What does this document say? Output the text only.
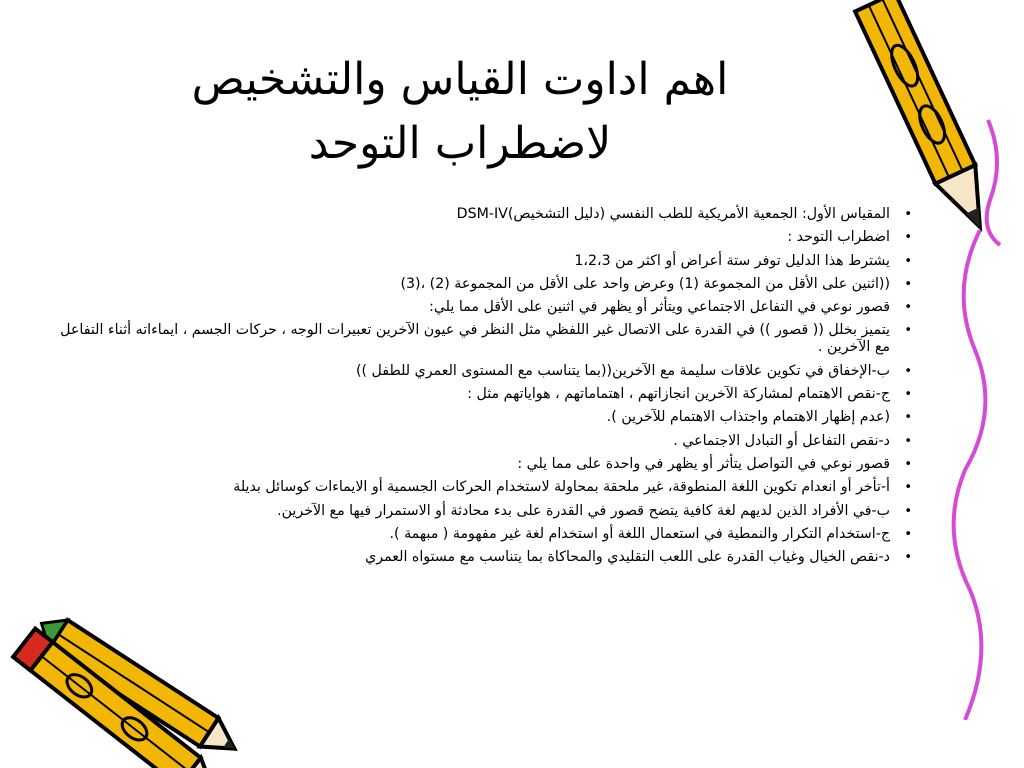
اهم اداوت القياس والتشخيص
لاضطراب التوحد
• المقياس الأول: الجمعية الأمريكية للطب النفسي (دليل التشخيص)DSM-IV
• اضطراب التوحد :
• يشترط هذا الدليل توفر ستة أعراض أو اكثر من 1،2،3
• ((اثنين على الأقل من المجموعة (1) وعرض واحد على الأقل من المجموعة (2) ،(3)
• قصور نوعي في التفاعل الاجتماعي ويتأثر أو يظهر في اثنين على الأقل مما يلي:
• يتميز بخلل (( قصور )) في القدرة على الاتصال غير اللفظي مثل النظر في عيون الآخرين تعبيرات الوجه ، حركات الجسم ، ايماءاته أثناء التفاعل مع الآخرين .
• ب-الإخفاق في تكوين علاقات سليمة مع الآخرين((بما يتناسب مع المستوى العمري للطفل ))
• ج-نقص الاهتمام لمشاركة الآخرين انجازاتهم ، اهتماماتهم ، هواياتهم مثل :
• (عدم إظهار الاهتمام واجتذاب الاهتمام للآخرين ).
• د-نقص التفاعل أو التبادل الاجتماعي .
• قصور نوعي في التواصل يتأثر أو يظهر في واحدة على مما يلي :
• أ-تأخر أو انعدام تكوين اللغة المنطوقة، غير ملحقة بمحاولة لاستخدام الحركات الجسمية أو الايماءات كوسائل بديلة
• ب-في الأفراد الذين لديهم لغة كافية يتضح قصور في القدرة على بدء محادثة أو الاستمرار فيها مع الآخرين.
• ج-استخدام التكرار والنمطية في استعمال اللغة أو استخدام لغة غير مفهومة ( مبهمة ).
• د-نقص الخيال وغياب القدرة على اللعب التقليدي والمحاكاة بما يتناسب مع مستواه العمري
